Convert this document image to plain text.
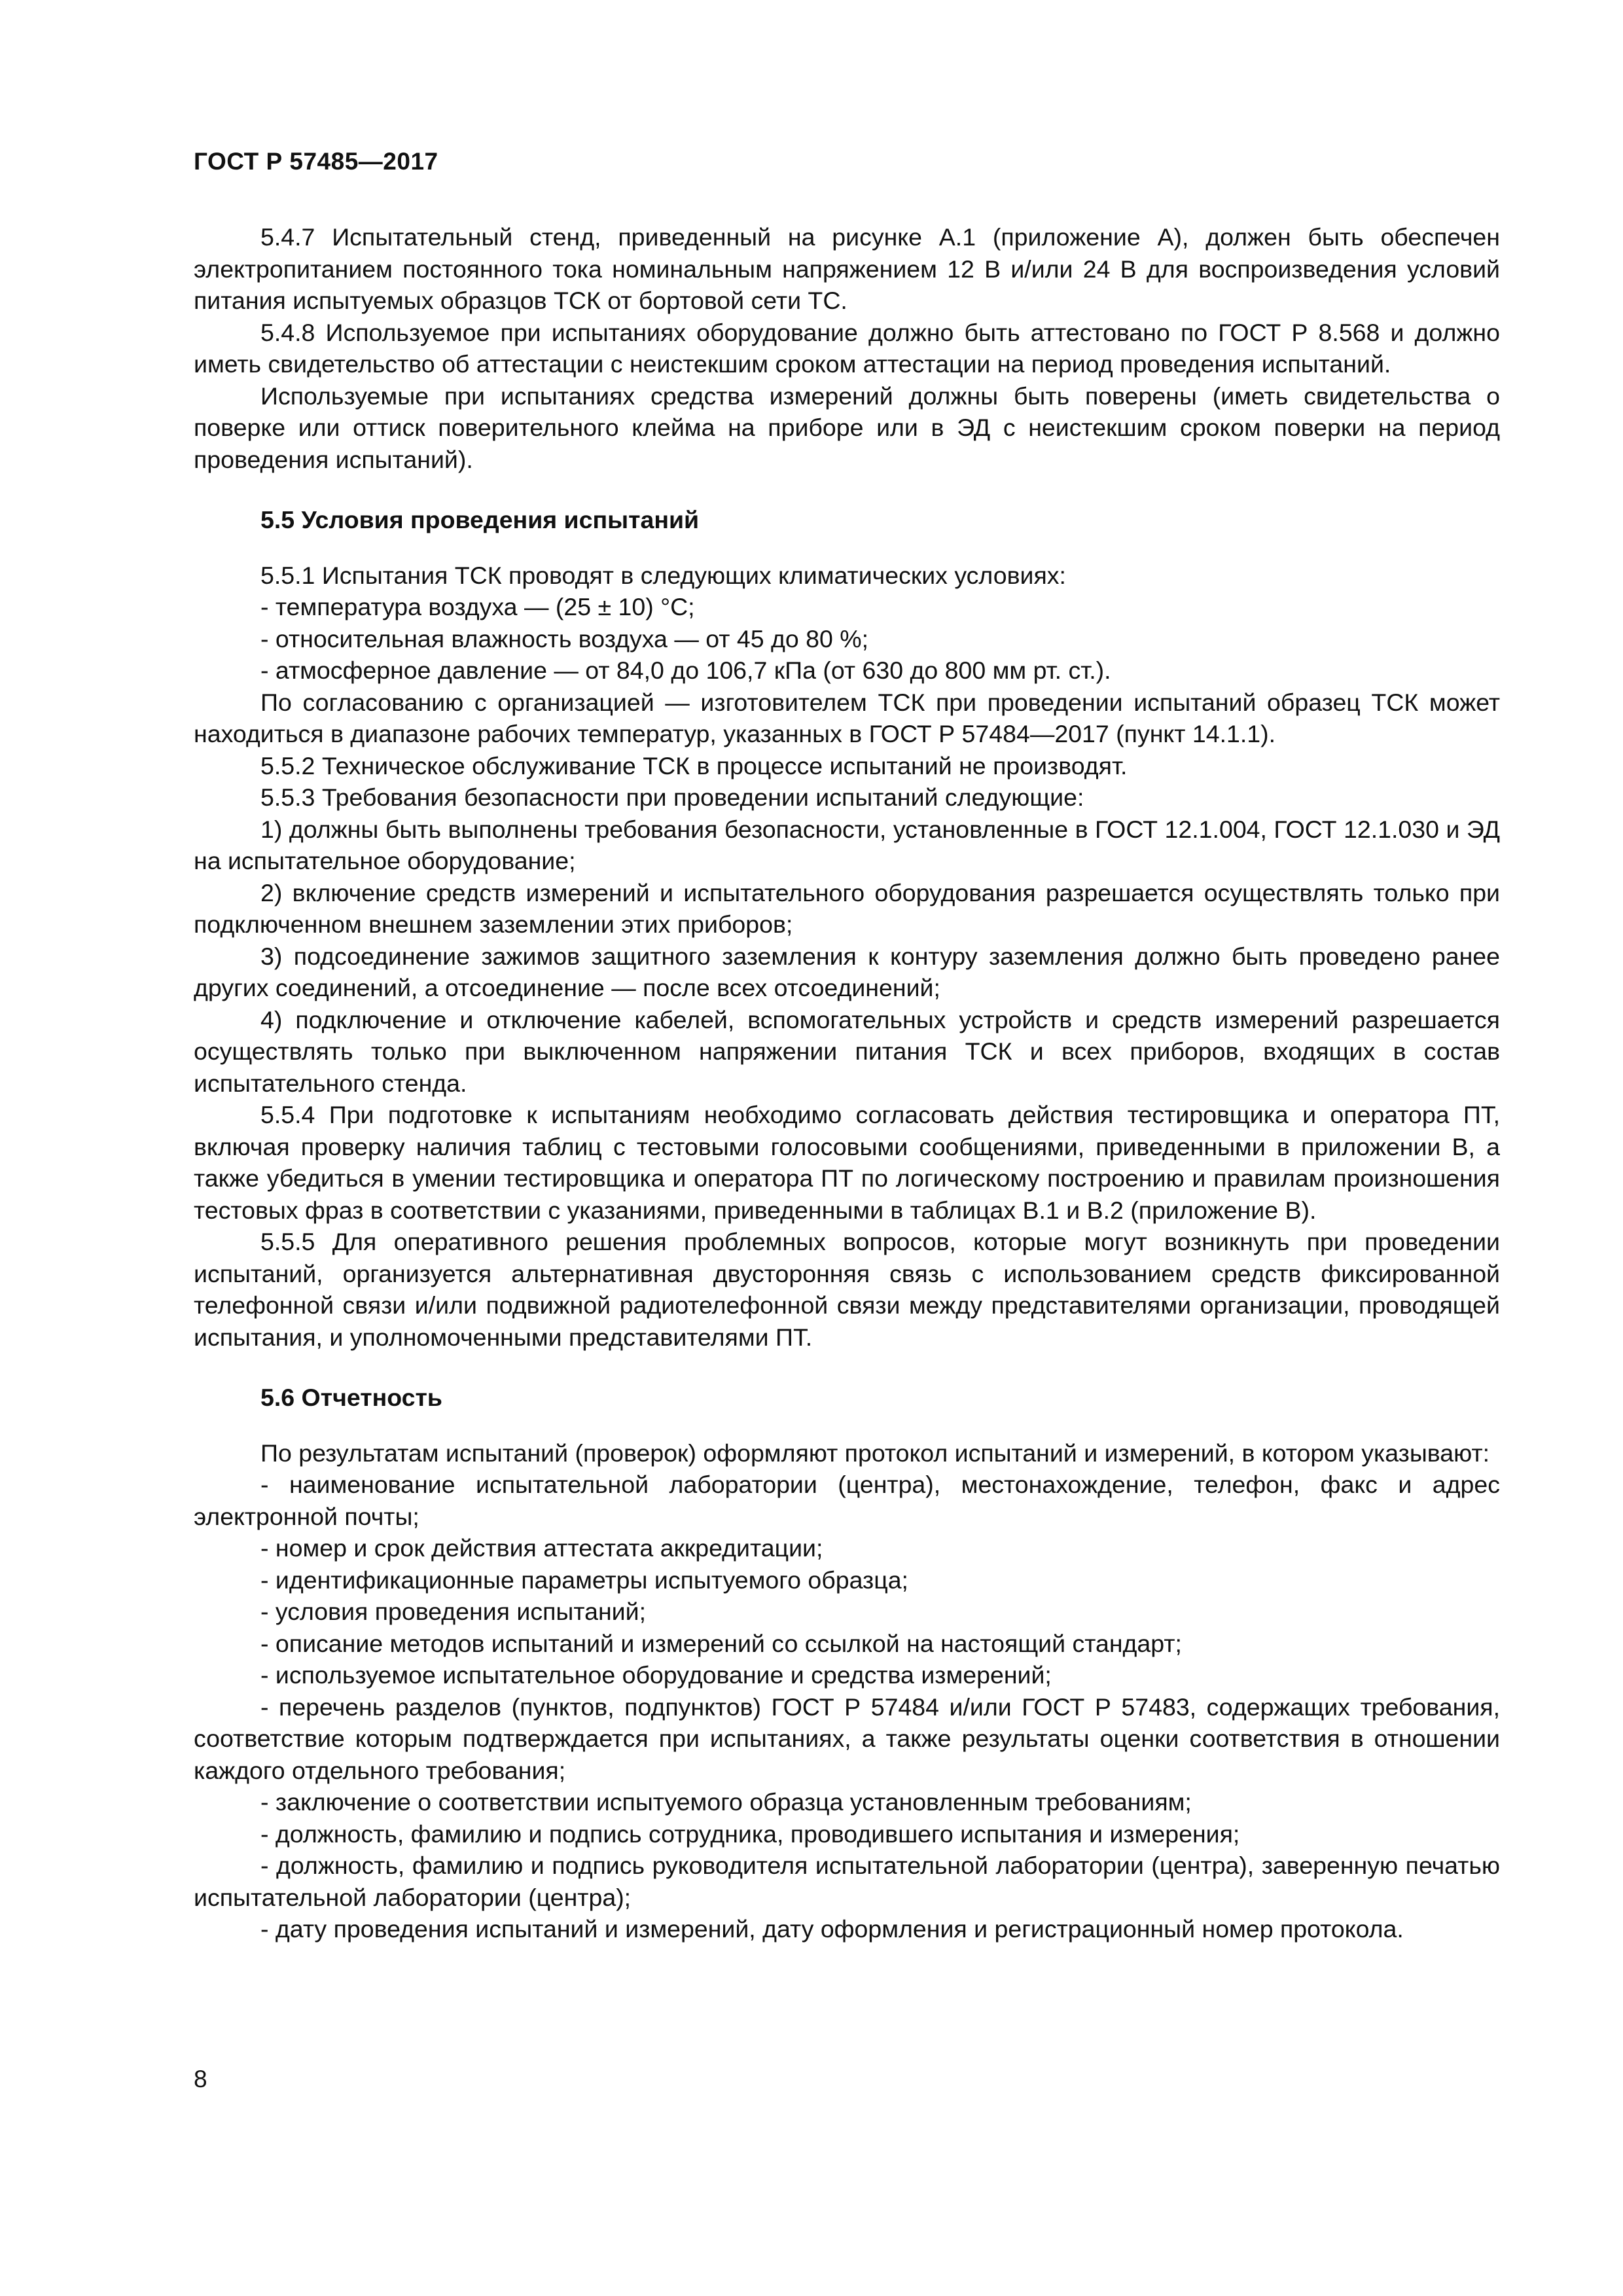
ГОСТ Р 57485—2017

5.4.7 Испытательный стенд, приведенный на рисунке А.1 (приложение А), должен быть обеспечен электропитанием постоянного тока номинальным напряжением 12 В и/или 24 В для воспроизведения условий питания испытуемых образцов ТСК от бортовой сети ТС.

5.4.8 Используемое при испытаниях оборудование должно быть аттестовано по ГОСТ Р 8.568 и должно иметь свидетельство об аттестации с неистекшим сроком аттестации на период проведения испытаний.

Используемые при испытаниях средства измерений должны быть поверены (иметь свидетельства о поверке или оттиск поверительного клейма на приборе или в ЭД с неистекшим сроком поверки на период проведения испытаний).

5.5 Условия проведения испытаний

5.5.1 Испытания ТСК проводят в следующих климатических условиях:

- температура воздуха — (25 ± 10) °С;

- относительная влажность воздуха — от 45 до 80 %;

- атмосферное давление — от 84,0 до 106,7 кПа (от 630 до 800 мм рт. ст.).

По согласованию с организацией — изготовителем ТСК при проведении испытаний образец ТСК может находиться в диапазоне рабочих температур, указанных в ГОСТ Р 57484—2017 (пункт 14.1.1).

5.5.2 Техническое обслуживание ТСК в процессе испытаний не производят.

5.5.3 Требования безопасности при проведении испытаний следующие:

1) должны быть выполнены требования безопасности, установленные в ГОСТ 12.1.004, ГОСТ 12.1.030 и ЭД на испытательное оборудование;

2) включение средств измерений и испытательного оборудования разрешается осуществлять только при подключенном внешнем заземлении этих приборов;

3) подсоединение зажимов защитного заземления к контуру заземления должно быть проведено ранее других соединений, а отсоединение — после всех отсоединений;

4) подключение и отключение кабелей, вспомогательных устройств и средств измерений разрешается осуществлять только при выключенном напряжении питания ТСК и всех приборов, входящих в состав испытательного стенда.

5.5.4 При подготовке к испытаниям необходимо согласовать действия тестировщика и оператора ПТ, включая проверку наличия таблиц с тестовыми голосовыми сообщениями, приведенными в приложении В, а также убедиться в умении тестировщика и оператора ПТ по логическому построению и правилам произношения тестовых фраз в соответствии с указаниями, приведенными в таблицах В.1 и В.2 (приложение В).

5.5.5 Для оперативного решения проблемных вопросов, которые могут возникнуть при проведении испытаний, организуется альтернативная двусторонняя связь с использованием средств фиксированной телефонной связи и/или подвижной радиотелефонной связи между представителями организации, проводящей испытания, и уполномоченными представителями ПТ.

5.6 Отчетность

По результатам испытаний (проверок) оформляют протокол испытаний и измерений, в котором указывают:

- наименование испытательной лаборатории (центра), местонахождение, телефон, факс и адрес электронной почты;

- номер и срок действия аттестата аккредитации;

- идентификационные параметры испытуемого образца;

- условия проведения испытаний;

- описание методов испытаний и измерений со ссылкой на настоящий стандарт;

- используемое испытательное оборудование и средства измерений;

- перечень разделов (пунктов, подпунктов) ГОСТ Р 57484 и/или ГОСТ Р 57483, содержащих требования, соответствие которым подтверждается при испытаниях, а также результаты оценки соответствия в отношении каждого отдельного требования;

- заключение о соответствии испытуемого образца установленным требованиям;

- должность, фамилию и подпись сотрудника, проводившего испытания и измерения;

- должность, фамилию и подпись руководителя испытательной лаборатории (центра), заверенную печатью испытательной лаборатории (центра);

- дату проведения испытаний и измерений, дату оформления и регистрационный номер протокола.

8
